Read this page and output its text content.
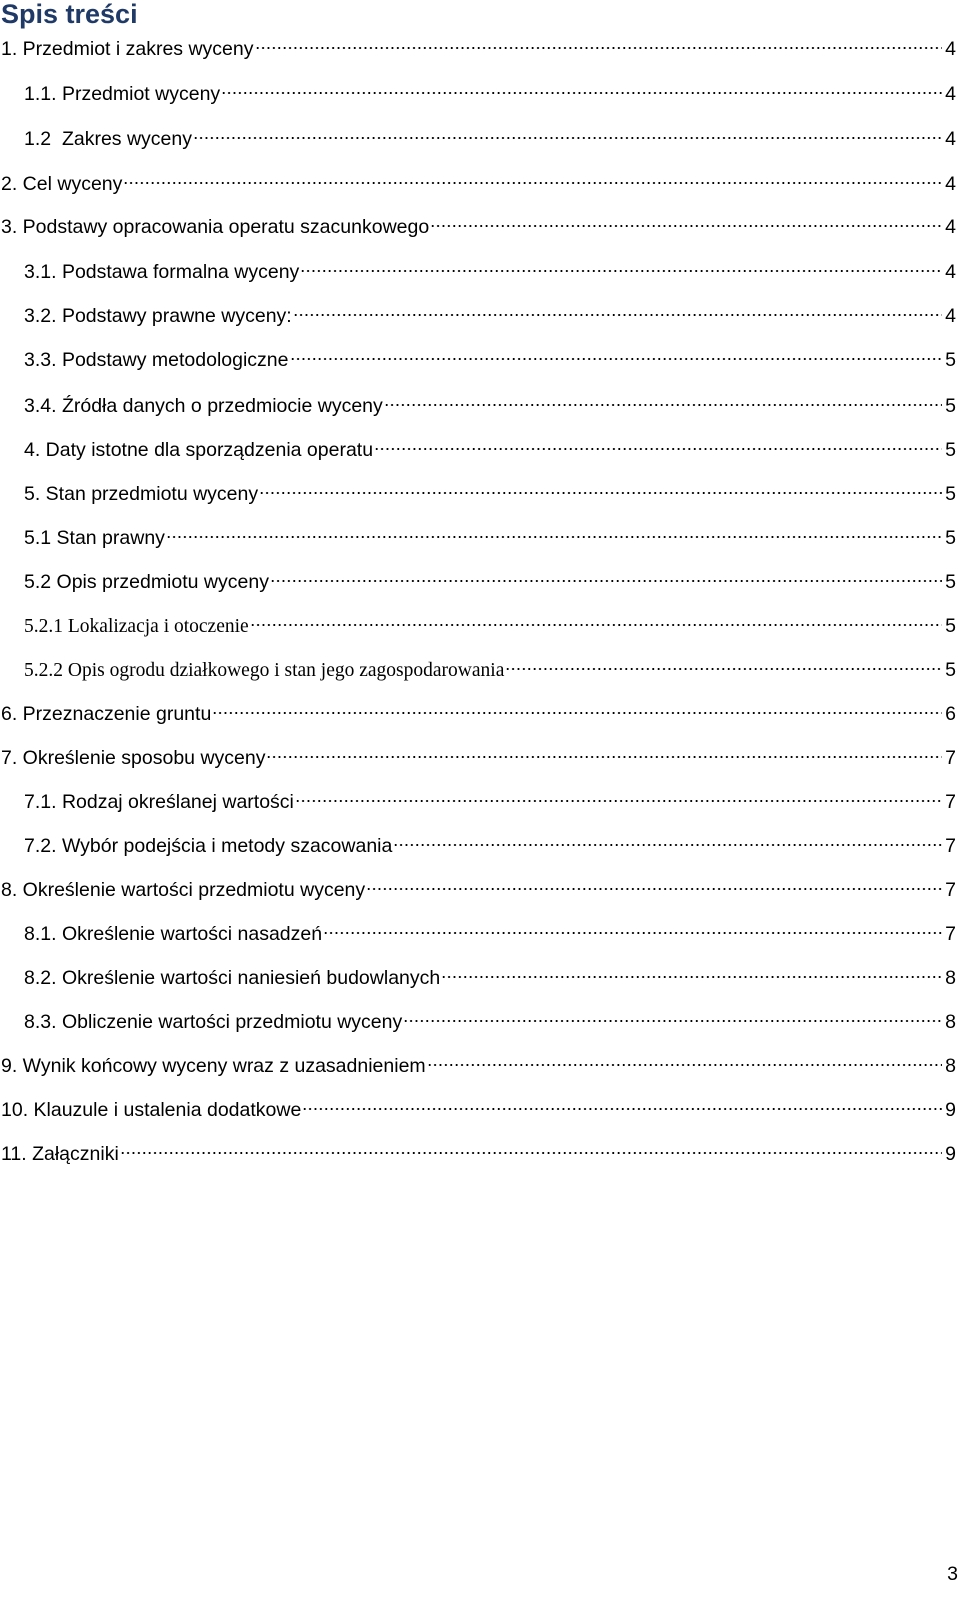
Spis treści
1. Przedmiot i zakres wyceny	4
1.1. Przedmiot wyceny	4
1.2  Zakres wyceny	4
2. Cel wyceny	4
3. Podstawy opracowania operatu szacunkowego	4
3.1. Podstawa formalna wyceny	4
3.2. Podstawy prawne wyceny:	4
3.3. Podstawy metodologiczne	5
3.4. Źródła danych o przedmiocie wyceny	5
4. Daty istotne dla sporządzenia operatu	5
5. Stan przedmiotu wyceny	5
5.1 Stan prawny	5
5.2 Opis przedmiotu wyceny	5
5.2.1 Lokalizacja i otoczenie	5
5.2.2 Opis ogrodu działkowego i stan jego zagospodarowania	5
6. Przeznaczenie gruntu	6
7. Określenie sposobu wyceny	7
7.1. Rodzaj określanej wartości	7
7.2. Wybór podejścia i metody szacowania	7
8. Określenie wartości przedmiotu wyceny	7
8.1. Określenie wartości nasadzeń	7
8.2. Określenie wartości naniesień budowlanych	8
8.3. Obliczenie wartości przedmiotu wyceny	8
9. Wynik końcowy wyceny wraz z uzasadnieniem	8
10. Klauzule i ustalenia dodatkowe	9
11. Załączniki	9
3
